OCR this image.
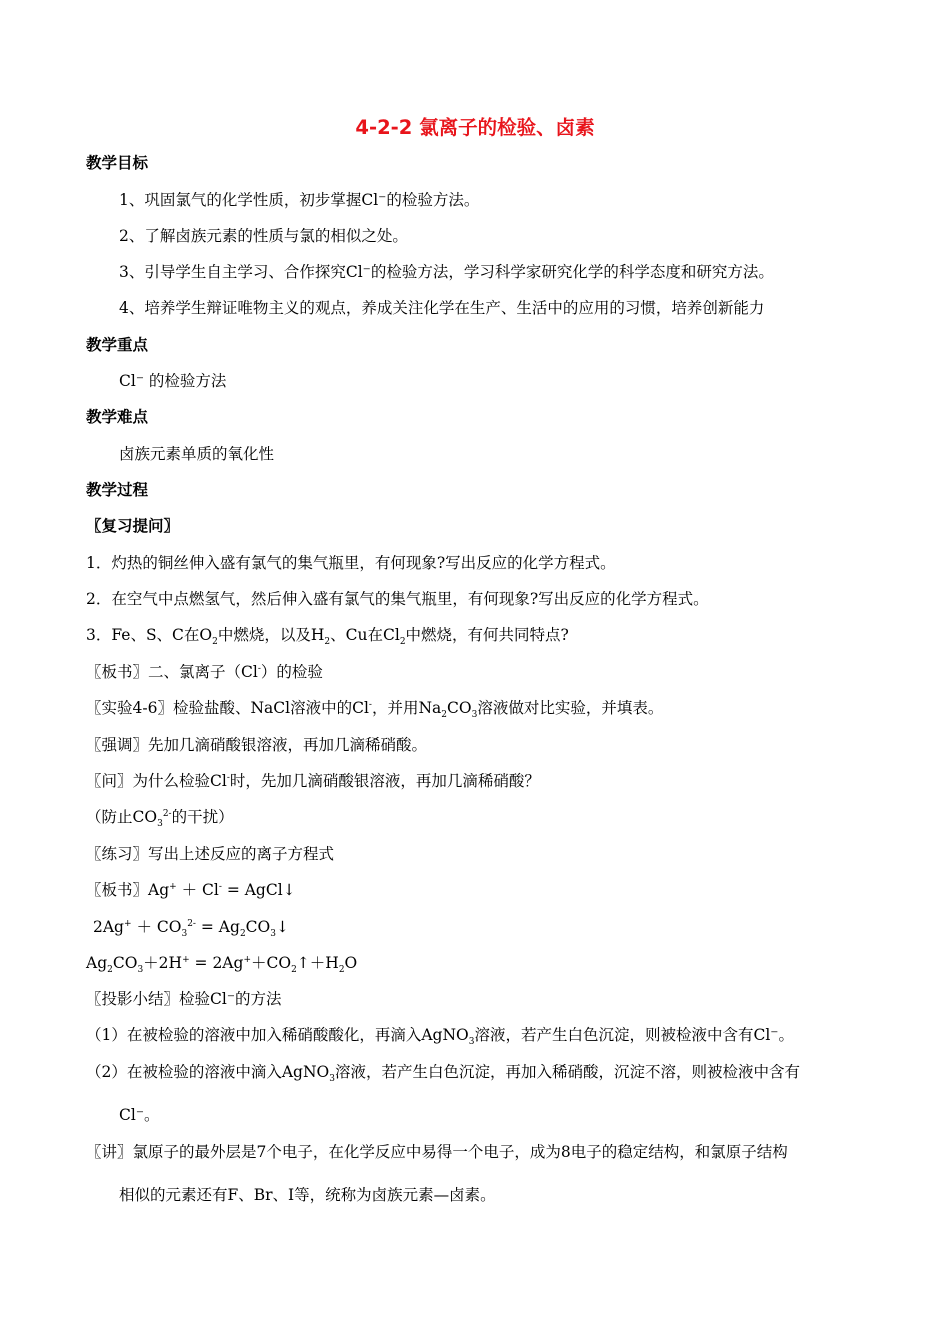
4-2-2 氯离子的检验、卤素
教学目标
1、巩固氯气的化学性质，初步掌握Cl⁻的检验方法。
2、了解卤族元素的性质与氯的相似之处。
3、引导学生自主学习、合作探究Cl⁻的检验方法，学习科学家研究化学的科学态度和研究方法。
4、培养学生辩证唯物主义的观点，养成关注化学在生产、生活中的应用的习惯，培养创新能力
教学重点
Cl⁻ 的检验方法
教学难点
卤族元素单质的氧化性
教学过程
〖复习提问〗
1．灼热的铜丝伸入盛有氯气的集气瓶里，有何现象?写出反应的化学方程式。
2．在空气中点燃氢气，然后伸入盛有氯气的集气瓶里，有何现象?写出反应的化学方程式。
3．Fe、S、C在$O_2$中燃烧，以及$H_2$、Cu在$Cl_2$中燃烧，有何共同特点?
〖板书〗二、氯离子（Cl-）的检验
〖实验4-6〗检验盐酸、NaCl溶液中的Cl-，并用$Na_2CO_3$溶液做对比实验，并填表。
〖强调〗先加几滴硝酸银溶液，再加几滴稀硝酸。
〖问〗为什么检验Cl-时，先加几滴硝酸银溶液，再加几滴稀硝酸？
（防止$CO_3^{2-}$的干扰）
〖练习〗写出上述反应的离子方程式
〖板书〗Ag+ ＋ Cl- = AgCl↓
$2Ag^+ + CO_3^{2-}$ = $Ag_2CO_3↓$
$Ag_2CO_3+2H^+$ = $2Ag^++CO_2↑+H_2O$
〖投影小结〗检验Cl⁻的方法
（1）在被检验的溶液中加入稀硝酸酸化，再滴入AgNO$_3$溶液，若产生白色沉淀，则被检液中含有Cl⁻。
（2）在被检验的溶液中滴入AgNO$_3$溶液，若产生白色沉淀，再加入稀硝酸，沉淀不溶，则被检液中含有
Cl⁻。
〖讲〗氯原子的最外层是7个电子，在化学反应中易得一个电子，成为8电子的稳定结构，和氯原子结构
相似的元素还有F、Br、I等，统称为卤族元素—卤素。
